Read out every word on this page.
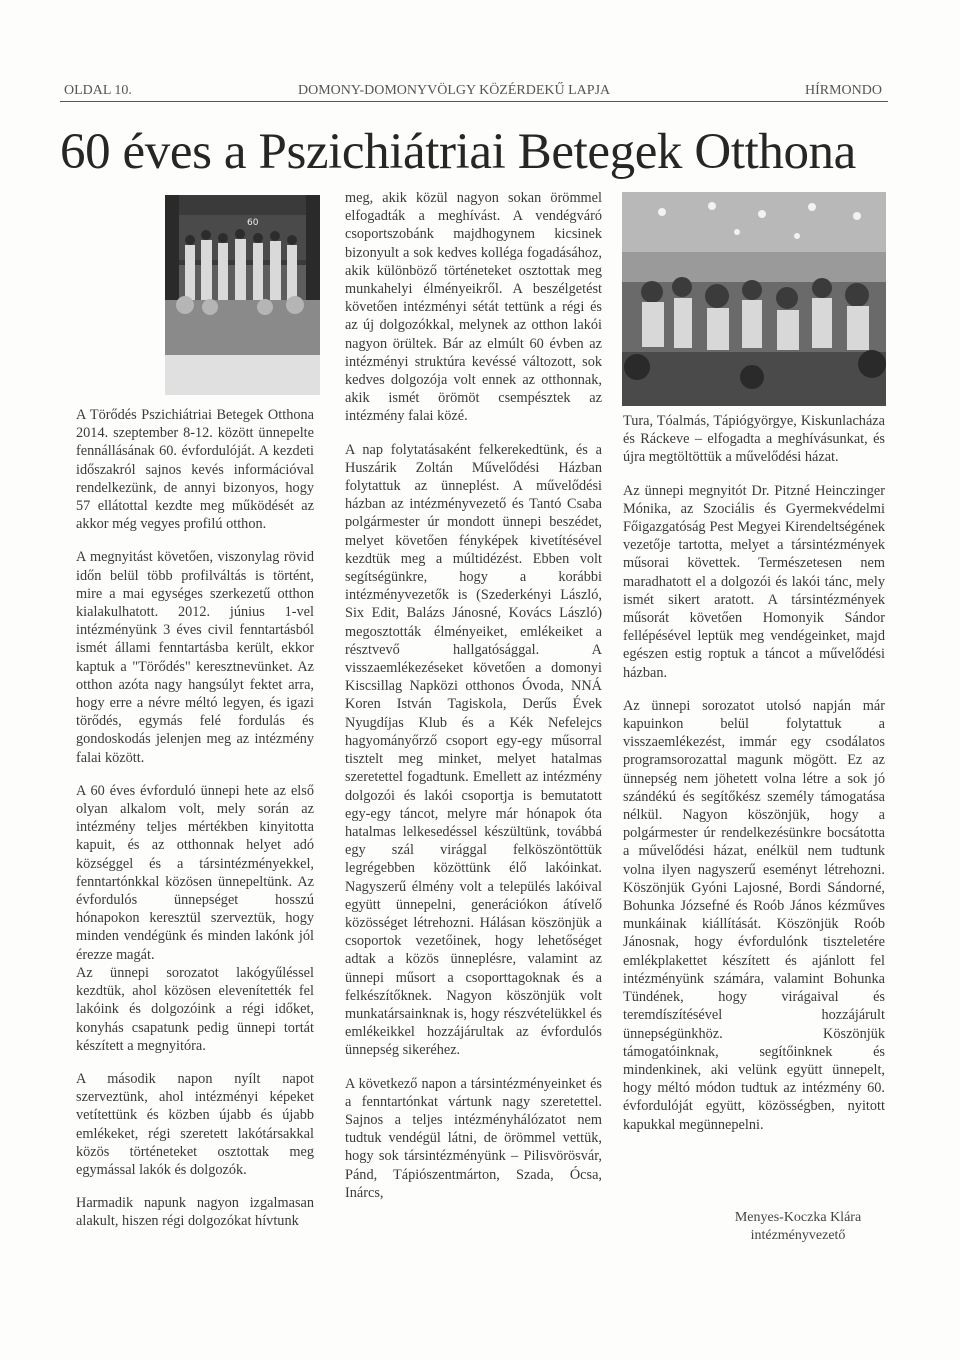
OLDAL 10.	DOMONY-DOMONYVÖLGY KÖZÉRDEKŰ LAPJA	HÍRMONDO
60 éves a Pszichiátriai Betegek Otthona
60

A Törődés Pszichiátriai Betegek Otthona 2014. szeptember 8-12. között ünnepelte fennállásának 60. évfordulóját. A kezdeti időszakról sajnos kevés információval rendelkezünk, de annyi bizonyos, hogy 57 ellátottal kezdte meg működését az akkor még vegyes profilú otthon.

A megnyitást követően, viszonylag rövid időn belül több profilváltás is történt, mire a mai egységes szerkezetű otthon kialakulhatott. 2012. június 1-vel intézményünk 3 éves civil fenntartásból ismét állami fenntartásba került, ekkor kaptuk a "Törődés" keresztnevünket. Az otthon azóta nagy hangsúlyt fektet arra, hogy erre a névre méltó legyen, és igazi törődés, egymás felé fordulás és gondoskodás jelenjen meg az intézmény falai között.

A 60 éves évforduló ünnepi hete az első olyan alkalom volt, mely során az intézmény teljes mértékben kinyitotta kapuit, és az otthonnak helyet adó községgel és a társintézményekkel, fenntartónkkal közösen ünnepeltünk. Az évfordulós ünnepséget hosszú hónapokon keresztül szerveztük, hogy minden vendégünk és minden lakónk jól érezze magát.

Az ünnepi sorozatot lakógyűléssel kezdtük, ahol közösen elevenítették fel lakóink és dolgozóink a régi időket, konyhás csapatunk pedig ünnepi tortát készített a megnyitóra.

A második napon nyílt napot szerveztünk, ahol intézményi képeket vetítettünk és közben újabb és újabb emlékeket, régi szeretett lakótársakkal közös történeteket osztottak meg egymással lakók és dolgozók.

Harmadik napunk nagyon izgalmasan alakult, hiszen régi dolgozókat hívtunk

meg, akik közül nagyon sokan örömmel elfogadták a meghívást. A vendégváró csoportszobánk majdhogynem kicsinek bizonyult a sok kedves kolléga fogadásához, akik különböző történeteket osztottak meg munkahelyi élményeikről. A beszélgetést követően intézményi sétát tettünk a régi és az új dolgozókkal, melynek az otthon lakói nagyon örültek. Bár az elmúlt 60 évben az intézményi struktúra kevéssé változott, sok kedves dolgozója volt ennek az otthonnak, akik ismét örömöt csempésztek az intézmény falai közé.

A nap folytatásaként felkerekedtünk, és a Huszárik Zoltán Művelődési Házban folytattuk az ünneplést. A művelődési házban az intézményvezető és Tantó Csaba polgármester úr mondott ünnepi beszédet, melyet követően fényképek kivetítésével kezdtük meg a múltidézést. Ebben volt segítségünkre, hogy a korábbi intézményvezetők is (Szederkényi László, Six Edit, Balázs Jánosné, Kovács László) megosztották élményeiket, emlékeiket a résztvevő hallgatósággal. A visszaemlékezéseket követően a domonyi Kiscsillag Napközi otthonos Óvoda, NNÁ Koren István Tagiskola, Derűs Évek Nyugdíjas Klub és a Kék Nefelejcs hagyományőrző csoport egy-egy műsorral tisztelt meg minket, melyet hatalmas szeretettel fogadtunk. Emellett az intézmény dolgozói és lakói csoportja is bemutatott egy-egy táncot, melyre már hónapok óta hatalmas lelkesedéssel készültünk, továbbá egy szál virággal felköszöntöttük legrégebben közöttünk élő lakóinkat. Nagyszerű élmény volt a település lakóival együtt ünnepelni, generációkon átívelő közösséget létrehozni. Hálásan köszönjük a csoportok vezetőinek, hogy lehetőséget adtak a közös ünneplésre, valamint az ünnepi műsort a csoporttagoknak és a felkészítőknek. Nagyon köszönjük volt munkatársainknak is, hogy részvételükkel és emlékeikkel hozzájárultak az évfordulós ünnepség sikeréhez.

A következő napon a társintézményeinket és a fenntartónkat vártunk nagy szeretettel. Sajnos a teljes intézményhálózatot nem tudtuk vendégül látni, de örömmel vettük, hogy sok társintézményünk – Pilisvörösvár, Pánd, Tápiószentmárton, Szada, Ócsa, Inárcs,

Tura, Tóalmás, Tápiógyörgye, Kiskunlacháza és Ráckeve – elfogadta a meghívásunkat, és újra megtöltöttük a művelődési házat.

Az ünnepi megnyitót Dr. Pitzné Heinczinger Mónika, az Szociális és Gyermekvédelmi Főigazgatóság Pest Megyei Kirendeltségének vezetője tartotta, melyet a társintézmények műsorai követtek. Természetesen nem maradhatott el a dolgozói és lakói tánc, mely ismét sikert aratott. A társintézmények műsorát követően Homonyik Sándor fellépésével leptük meg vendégeinket, majd egészen estig roptuk a táncot a művelődési házban.

Az ünnepi sorozatot utolsó napján már kapuinkon belül folytattuk a visszaemlékezést, immár egy csodálatos programsorozattal magunk mögött. Ez az ünnepség nem jöhetett volna létre a sok jó szándékú és segítőkész személy támogatása nélkül. Nagyon köszönjük, hogy a polgármester úr rendelkezésünkre bocsátotta a művelődési házat, enélkül nem tudtunk volna ilyen nagyszerű eseményt létrehozni. Köszönjük Gyóni Lajosné, Bordi Sándorné, Bohunka Józsefné és Roób János kézműves munkáinak kiállítását. Köszönjük Roób Jánosnak, hogy évfordulónk tiszteletére emlékplakettet készített és ajánlott fel intézményünk számára, valamint Bohunka Tündének, hogy virágaival és teremdíszítésével hozzájárult ünnepségünkhöz. Köszönjük támogatóinknak, segítőinknek és mindenkinek, aki velünk együtt ünnepelt, hogy méltó módon tudtuk az intézmény 60. évfordulóját együtt, közösségben, nyitott kapukkal megünnepelni.

Menyes-Koczka Klára
intézményvezető
